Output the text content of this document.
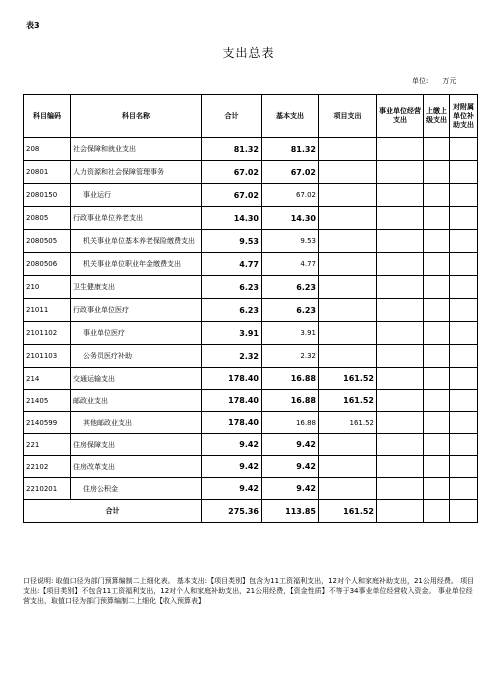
表3
支出总表
单位: 万元
科目编码	科目名称	合计	基本支出	项目支出	事业单位经营支出	上缴上级支出	对附属单位补助支出
208	社会保障和就业支出	81.32	81.32				
20801	人力资源和社会保障管理事务	67.02	67.02				
2080150	事业运行	67.02	67.02				
20805	行政事业单位养老支出	14.30	14.30				
2080505	机关事业单位基本养老保险缴费支出	9.53	9.53				
2080506	机关事业单位职业年金缴费支出	4.77	4.77				
210	卫生健康支出	6.23	6.23				
21011	行政事业单位医疗	6.23	6.23				
2101102	事业单位医疗	3.91	3.91				
2101103	公务员医疗补助	2.32	2.32				
214	交通运输支出	178.40	16.88	161.52			
21405	邮政业支出	178.40	16.88	161.52			
2140599	其他邮政业支出	178.40	16.88	161.52			
221	住房保障支出	9.42	9.42				
22102	住房改革支出	9.42	9.42				
2210201	住房公积金	9.42	9.42				
合计		275.36	113.85	161.52			
口径说明: 取值口径为部门预算编制二上细化表。 基本支出:【项目类别】包含为11工资福利支出，12对个人和家庭补助支出，21公用经费。 项目支出:【项目类别】不包含11工资福利支出，12对个人和家庭补助支出，21公用经费，【资金性质】不等于34事业单位经营收入资金。 事业单位经营支出，取值口径为部门预算编制二上细化【收入预算表】
